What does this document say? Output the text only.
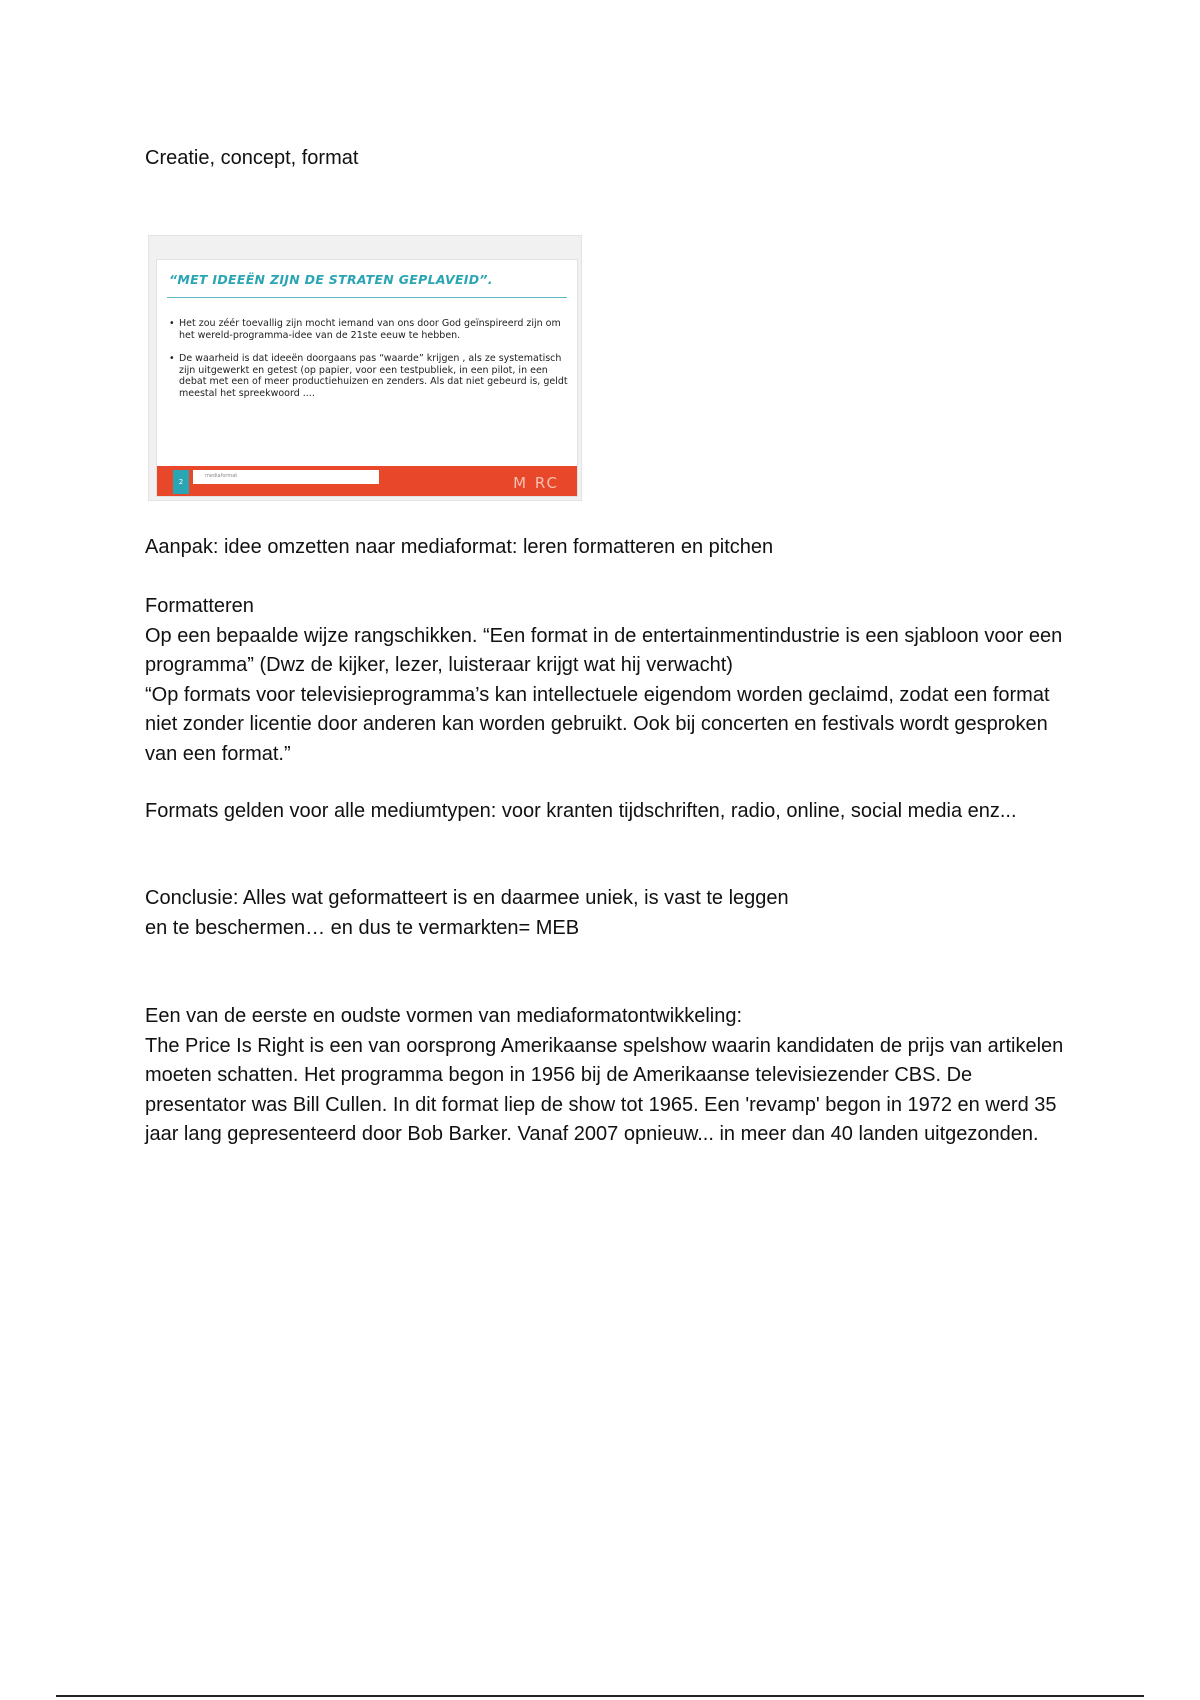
Creatie, concept, format
“MET IDEEËN ZIJN DE STRATEN GEPLAVEID”.
• Het zou zéér toevallig zijn mocht iemand van ons door God geïnspireerd zijn om het wereld-programma-idee van de 21ste eeuw te hebben.
• De waarheid is dat ideeën doorgaans pas “waarde” krijgen , als ze systematisch zijn uitgewerkt en getest (op papier, voor een testpubliek, in een pilot, in een debat met een of meer productiehuizen en zenders. Als dat niet gebeurd is, geldt meestal het spreekwoord ....
2
mediaformat	M RC

Aanpak: idee omzetten naar mediaformat: leren formatteren en pitchen

Formatteren
Op een bepaalde wijze rangschikken. “Een format in de entertainmentindustrie is een sjabloon voor een programma” (Dwz de kijker, lezer, luisteraar krijgt wat hij verwacht)
“Op formats voor televisieprogramma’s kan intellectuele eigendom worden geclaimd, zodat een format niet zonder licentie door anderen kan worden gebruikt. Ook bij concerten en festivals wordt gesproken van een format.”

Formats gelden voor alle mediumtypen: voor kranten tijdschriften, radio, online, social media enz...

Conclusie: Alles wat geformatteert is en daarmee uniek, is vast te leggen
en te beschermen… en dus te vermarkten= MEB

Een van de eerste en oudste vormen van mediaformatontwikkeling:
The Price Is Right is een van oorsprong Amerikaanse spelshow waarin kandidaten de prijs van artikelen moeten schatten. Het programma begon in 1956 bij de Amerikaanse televisiezender CBS. De presentator was Bill Cullen. In dit format liep de show tot 1965. Een 'revamp' begon in 1972 en werd 35 jaar lang gepresenteerd door Bob Barker. Vanaf 2007 opnieuw... in meer dan 40 landen uitgezonden.
